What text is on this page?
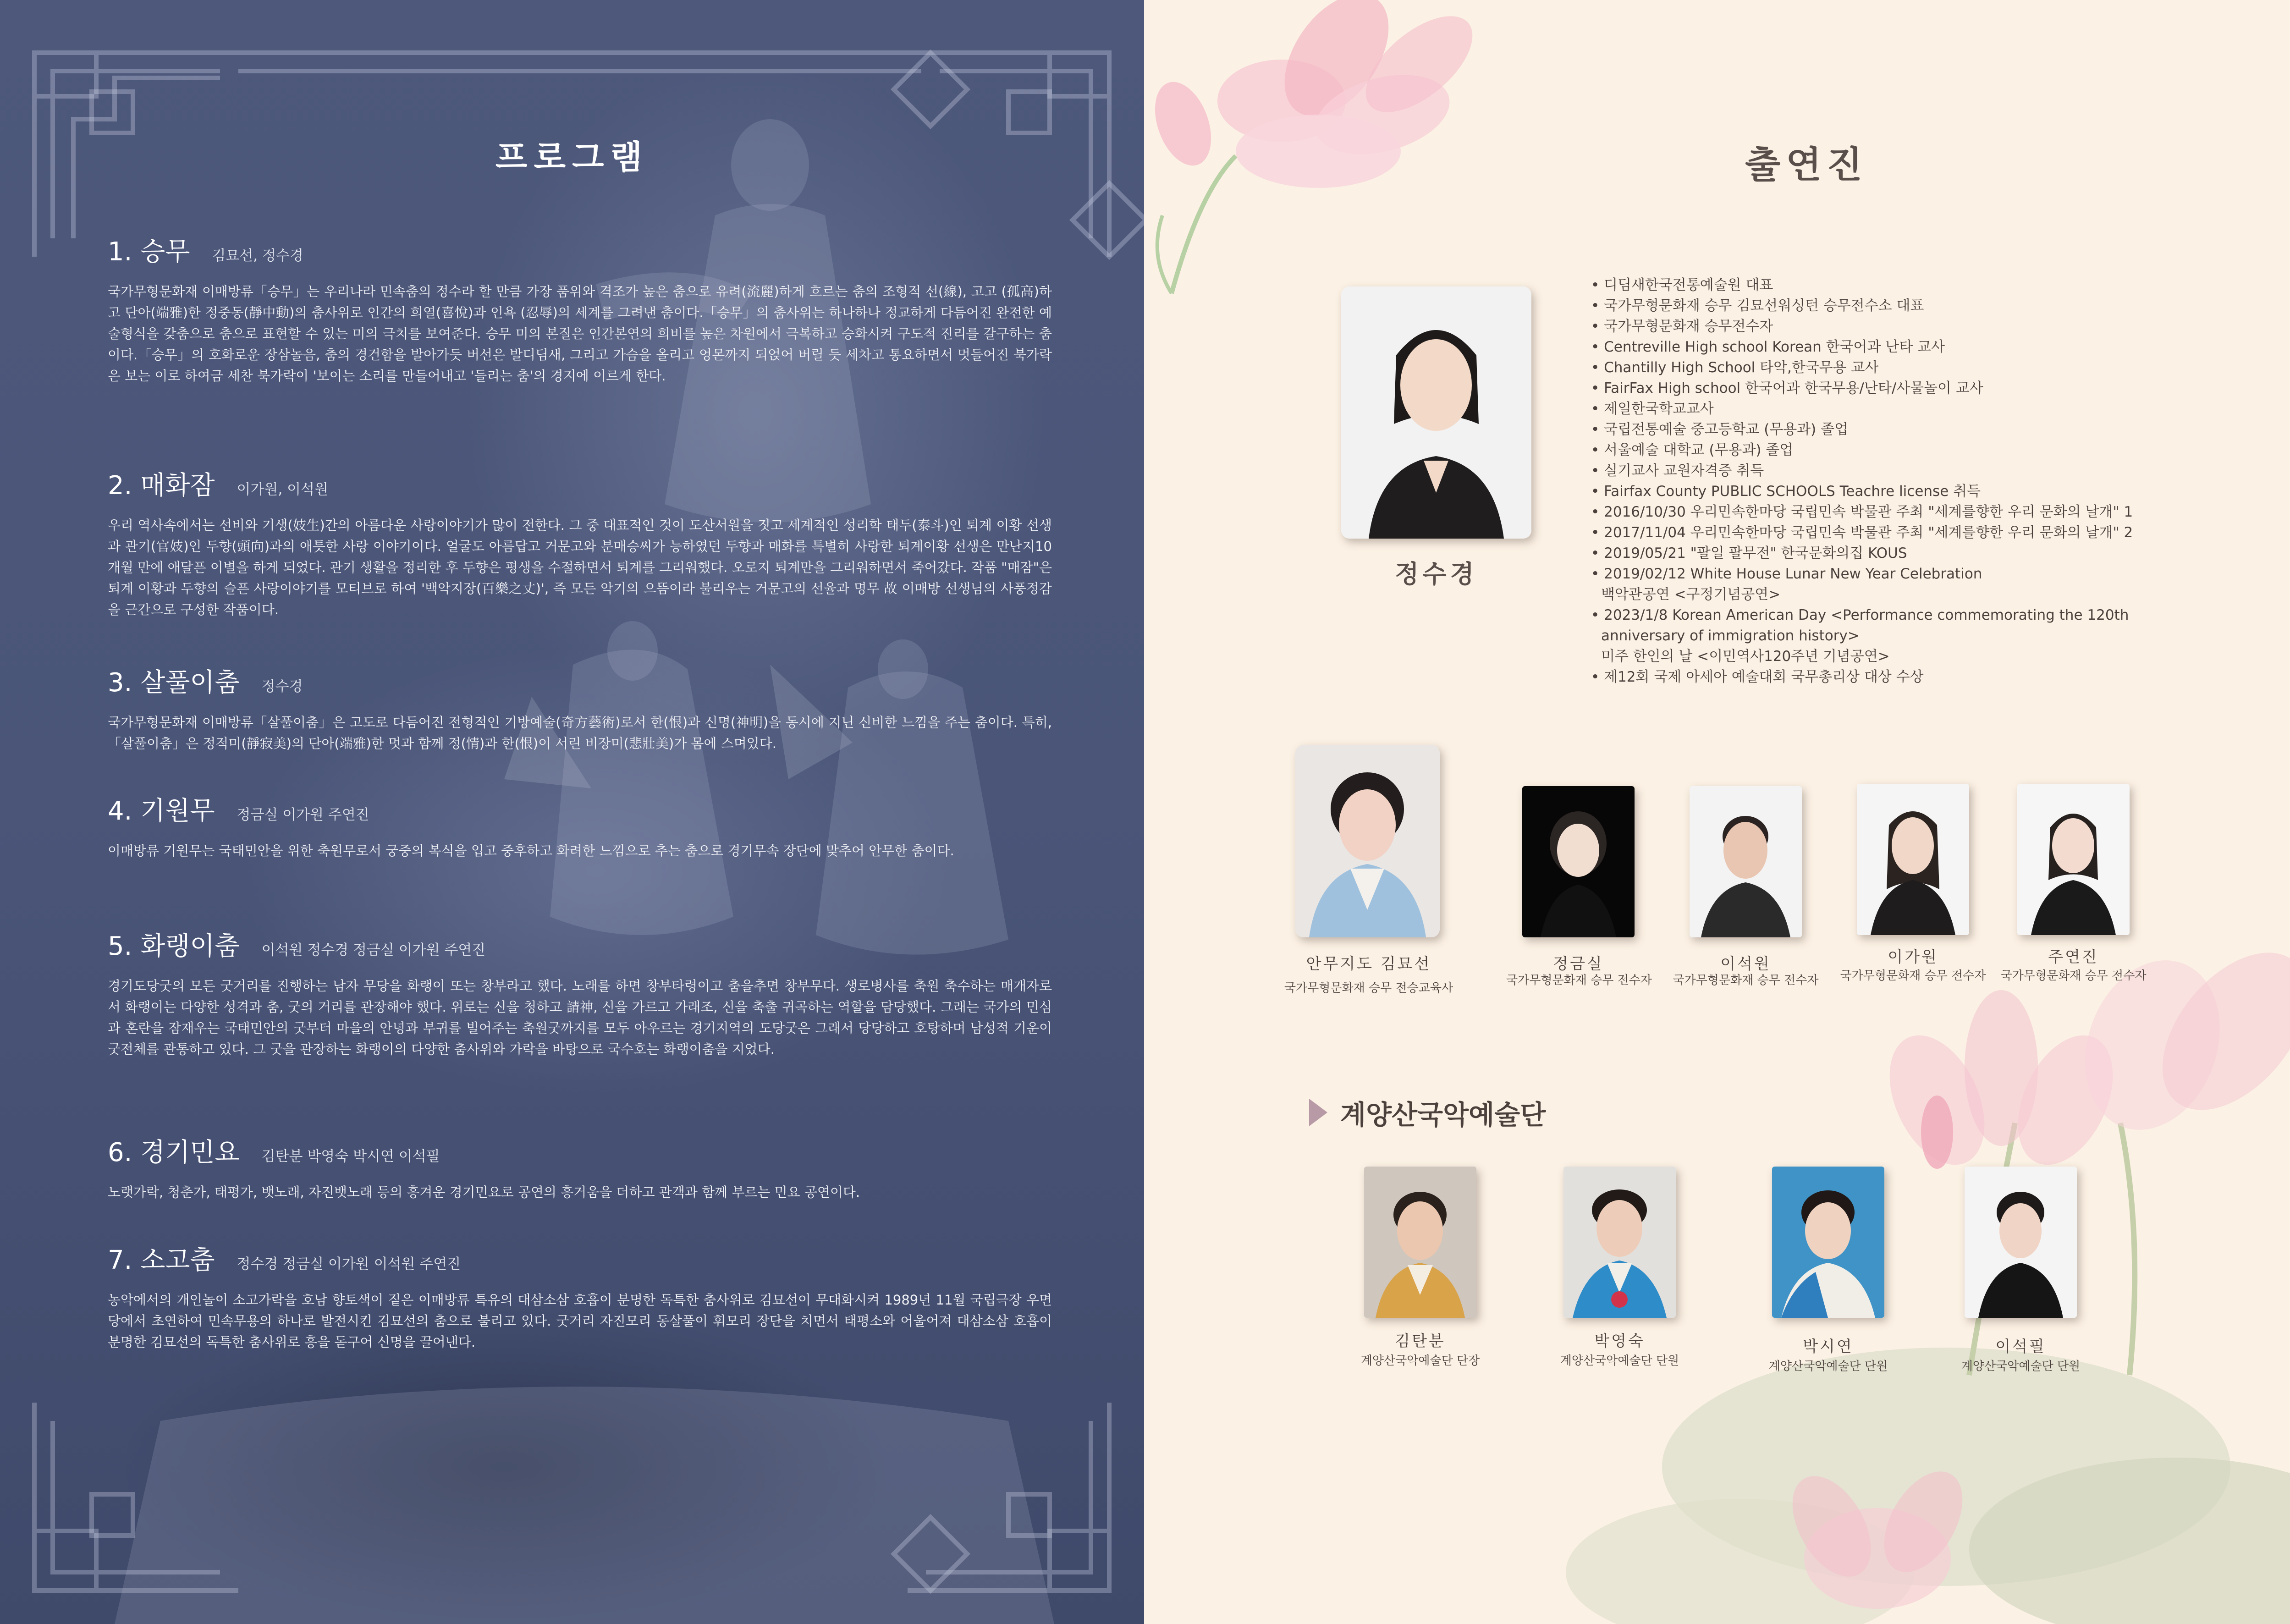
프로그램
1. 승무 김묘선, 정수경
국가무형문화재 이매방류「승무」는 우리나라 민속춤의 정수라 할 만큼 가장 품위와 격조가 높은 춤으로 유려(流麗)하게 흐르는 춤의 조형적 선(線), 고고 (孤高)하고 단아(端雅)한 정중동(靜中動)의 춤사위로 인간의 희열(喜悅)과 인욕 (忍辱)의 세계를 그려낸 춤이다.「승무」의 춤사위는 하나하나 정교하게 다듬어진 완전한 예술형식을 갖춤으로 춤으로 표현할 수 있는 미의 극치를 보여준다. 승무 미의 본질은 인간본연의 희비를 높은 차원에서 극복하고 승화시켜 구도적 진리를 갈구하는 춤이다.「승무」의 호화로운 장삼놀음, 춤의 경건함을 발아가듯 버선은 발디딤새, 그리고 가슴을 올리고 엉몬까지 되얹어 버릴 듯 세차고 통요하면서 멋들어진 북가락은 보는 이로 하여금 세찬 북가락이 '보이는 소리를 만들어내고 '들리는 춤'의 경지에 이르게 한다.
2. 매화잠 이가원, 이석원
우리 역사속에서는 선비와 기생(妓生)간의 아름다운 사랑이야기가 많이 전한다. 그 중 대표적인 것이 도산서원을 짓고 세계적인 성리학 태두(泰斗)인 퇴계 이황 선생과 관기(官妓)인 두향(頭向)과의 애틋한 사랑 이야기이다. 얼굴도 아름답고 거문고와 분매승씨가 능하였던 두향과 매화를 특별히 사랑한 퇴계이황 선생은 만난지10개월 만에 애달픈 이별을 하게 되었다. 관기 생활을 정리한 후 두향은 평생을 수절하면서 퇴계를 그리워했다. 오로지 퇴계만을 그리워하면서 죽어갔다. 작품 "매잠"은 퇴계 이황과 두향의 슬픈 사랑이야기를 모티브로 하여 '백악지장(百樂之丈)', 즉 모든 악기의 으뜸이라 불리우는 거문고의 선율과 명무 故 이매방 선생님의 사풍정감을 근간으로 구성한 작품이다.
3. 살풀이춤 정수경
국가무형문화재 이매방류「살풀이춤」은 고도로 다듬어진 전형적인 기방예술(奇方藝術)로서 한(恨)과 신명(神明)을 동시에 지닌 신비한 느낌을 주는 춤이다. 특히,「살풀이춤」은 정적미(靜寂美)의 단아(端雅)한 멋과 함께 정(情)과 한(恨)이 서린 비장미(悲壯美)가 몸에 스며있다.
4. 기원무 정금실 이가원 주연진
이매방류 기원무는 국태민안을 위한 축원무로서 궁중의 복식을 입고 중후하고 화려한 느낌으로 추는 춤으로 경기무속 장단에 맞추어 안무한 춤이다.
5. 화랭이춤 이석원 정수경 정금실 이가원 주연진
경기도당굿의 모든 굿거리를 진행하는 남자 무당을 화랭이 또는 창부라고 했다. 노래를 하면 창부타령이고 춤을추면 창부무다. 생로병사를 축원 축수하는 매개자로서 화랭이는 다양한 성격과 춤, 굿의 거리를 관장해야 했다. 위로는 신을 청하고 請神, 신을 가르고 가래조, 신을 축출 귀곡하는 역할을 담당했다. 그래는 국가의 민심과 혼란을 잠재우는 국태민안의 굿부터 마을의 안녕과 부귀를 빌어주는 축원굿까지를 모두 아우르는 경기지역의 도당굿은 그래서 당당하고 호탕하며 남성적 기운이 굿전체를 관통하고 있다. 그 굿을 관장하는 화랭이의 다양한 춤사위와 가락을 바탕으로 국수호는 화랭이춤을 지었다.
6. 경기민요 김탄분 박영숙 박시연 이석필
노랫가락, 청춘가, 태평가, 뱃노래, 자진뱃노래 등의 흥겨운 경기민요로 공연의 흥거움을 더하고 관객과 함께 부르는 민요 공연이다.
7. 소고춤 정수경 정금실 이가원 이석원 주연진
농악에서의 개인놀이 소고가락을 호남 향토색이 짙은 이매방류 특유의 대삼소삼 호흡이 분명한 독특한 춤사위로 김묘선이 무대화시켜 1989년 11월 국립극장 우면당에서 초연하여 민속무용의 하나로 발전시킨 김묘선의 춤으로 불리고 있다. 굿거리 자진모리 동살풀이 휘모리 장단을 치면서 태평소와 어울어져 대삼소삼 호흡이 분명한 김묘선의 독특한 춤사위로 흥을 돋구어 신명을 끌어낸다.
출연진
정수경
• 디딤새한국전통예술원 대표
• 국가무형문화재 승무 김묘선워싱턴 승무전수소 대표
• 국가무형문화재 승무전수자
• Centreville High school Korean 한국어과 난타 교사
• Chantilly High School 타악,한국무용 교사
• FairFax High school 한국어과 한국무용/난타/사물놀이 교사
• 제일한국학교교사
• 국립전통예술 중고등학교 (무용과) 졸업
• 서울예술 대학교 (무용과) 졸업
• 실기교사 교원자격증 취득
• Fairfax County PUBLIC SCHOOLS Teachre license 취득
• 2016/10/30 우리민속한마당 국립민속 박물관 주최 "세계를향한 우리 문화의 날개" 1
• 2017/11/04 우리민속한마당 국립민속 박물관 주최 "세계를향한 우리 문화의 날개" 2
• 2019/05/21 "팔일 팔무전" 한국문화의집 KOUS
• 2019/02/12 White House Lunar New Year Celebration
백악관공연 <구정기념공연>
• 2023/1/8 Korean American Day <Performance commemorating the 120th
anniversary of immigration history>
미주 한인의 날 <이민역사120주년 기념공연>
• 제12회 국제 아세아 예술대회 국무총리상 대상 수상
안무지도 김묘선
국가무형문화재 승무 전승교육사
정금실
국가무형문화재 승무 전수자
이석원
국가무형문화재 승무 전수자
이가원
국가무형문화재 승무 전수자
주연진
국가무형문화재 승무 전수자
계양산국악예술단
김탄분
계양산국악예술단 단장
박영숙
계양산국악예술단 단원
박시연
계양산국악예술단 단원
이석필
계양산국악예술단 단원
